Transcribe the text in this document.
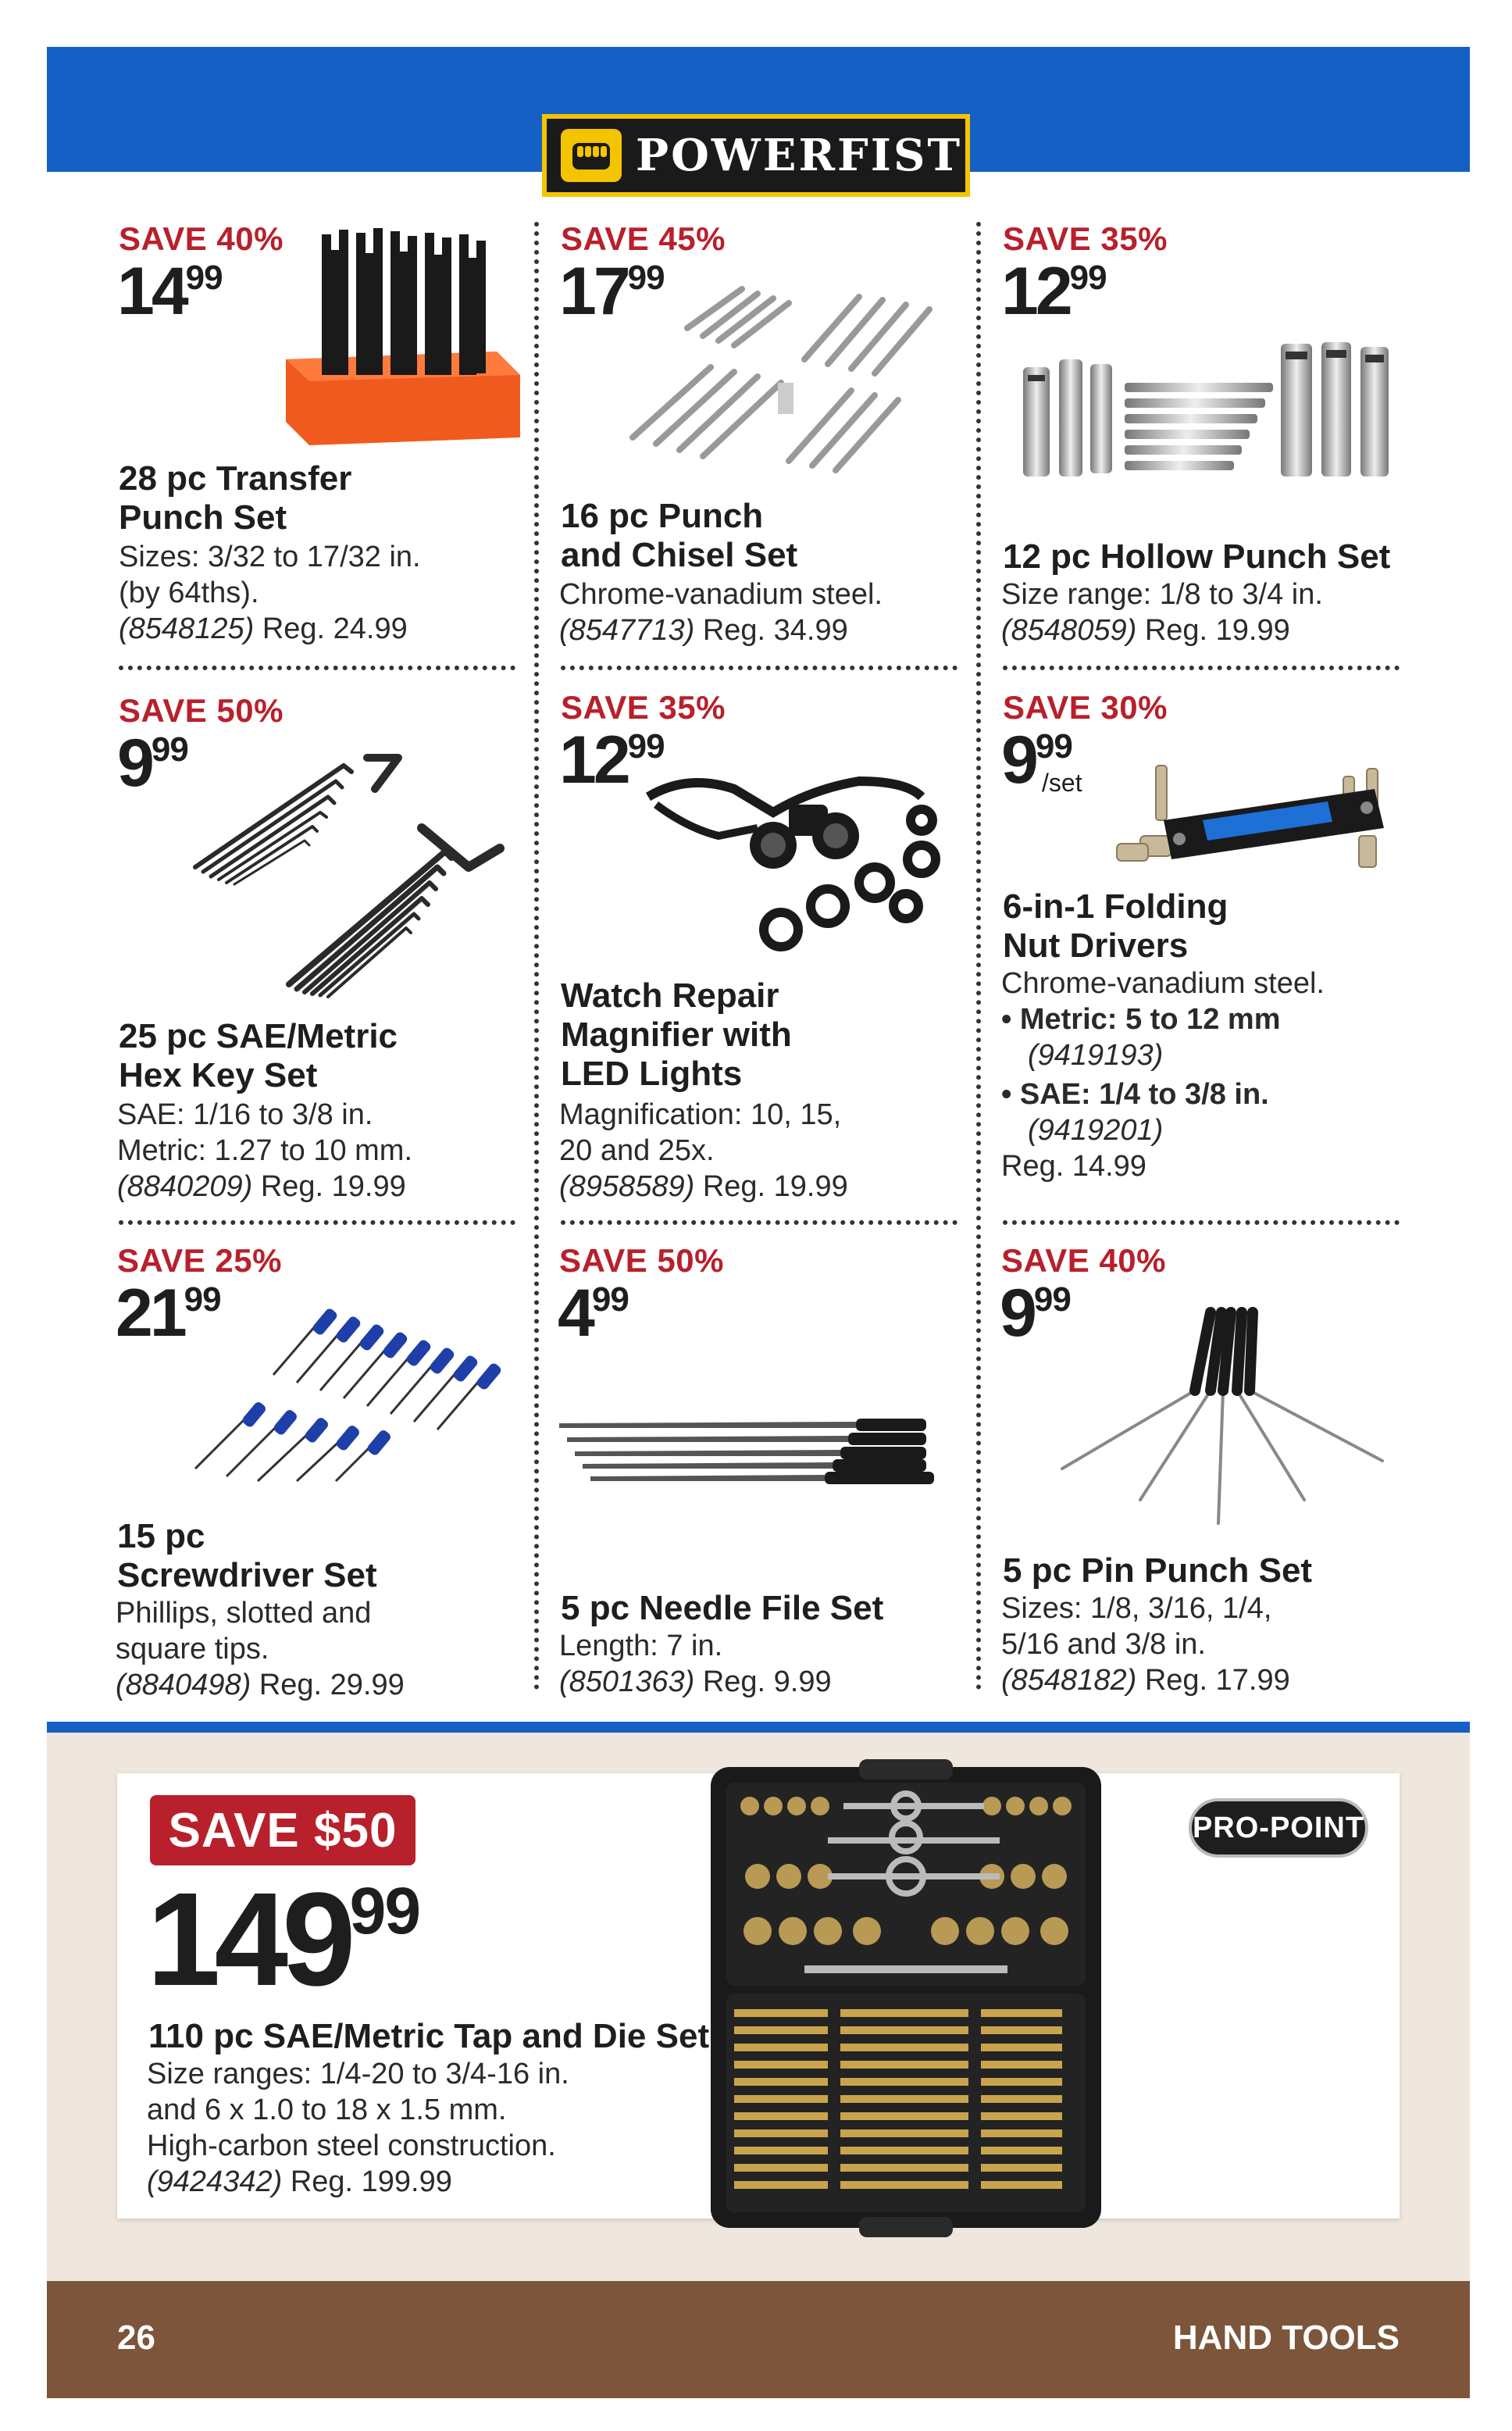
POWERFIST
SAVE 40%
1499
28 pc Transfer
Punch Set
Sizes: 3/32 to 17/32 in.
(by 64ths).
(8548125) Reg. 24.99
SAVE 45%
1799
16 pc Punch
and Chisel Set
Chrome-vanadium steel.
(8547713) Reg. 34.99
SAVE 35%
1299
12 pc Hollow Punch Set
Size range: 1/8 to 3/4 in.
(8548059) Reg. 19.99
SAVE 50%
999
25 pc SAE/Metric
Hex Key Set
SAE: 1/16 to 3/8 in.
Metric: 1.27 to 10 mm.
(8840209) Reg. 19.99
SAVE 35%
1299
Watch Repair
Magnifier with
LED Lights
Magnification: 10, 15,
20 and 25x.
(8958589) Reg. 19.99
SAVE 30%
999
/set
6-in-1 Folding
Nut Drivers
Chrome-vanadium steel.
• Metric: 5 to 12 mm
(9419193)
• SAE: 1/4 to 3/8 in.
(9419201)
Reg. 14.99
SAVE 25%
2199
15 pc
Screwdriver Set
Phillips, slotted and
square tips.
(8840498) Reg. 29.99
SAVE 50%
499
5 pc Needle File Set
Length: 7 in.
(8501363) Reg. 9.99
SAVE 40%
999
5 pc Pin Punch Set
Sizes: 1/8, 3/16, 1/4,
5/16 and 3/8 in.
(8548182) Reg. 17.99
SAVE $50
14999
110 pc SAE/Metric Tap and Die Set
Size ranges: 1/4-20 to 3/4-16 in.
and 6 x 1.0 to 18 x 1.5 mm.
High-carbon steel construction.
(9424342) Reg. 199.99
PRO-POINT
26	HAND TOOLS
